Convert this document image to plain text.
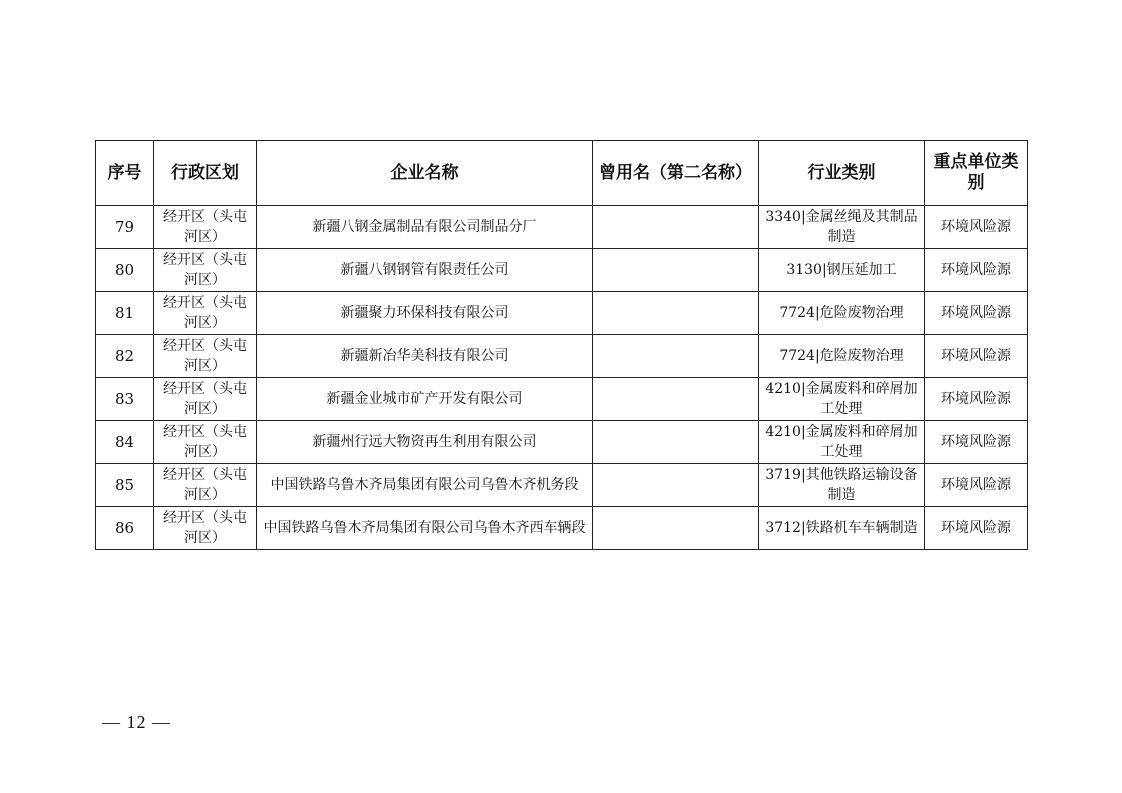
序号	行政区划	企业名称	曾用名（第二名称）	行业类别	重点单位类别
79	经开区（头屯河区）	新疆八钢金属制品有限公司制品分厂		3340|金属丝绳及其制品制造	环境风险源
80	经开区（头屯河区）	新疆八钢钢管有限责任公司		3130|钢压延加工	环境风险源
81	经开区（头屯河区）	新疆聚力环保科技有限公司		7724|危险废物治理	环境风险源
82	经开区（头屯河区）	新疆新冶华美科技有限公司		7724|危险废物治理	环境风险源
83	经开区（头屯河区）	新疆金业城市矿产开发有限公司		4210|金属废料和碎屑加工处理	环境风险源
84	经开区（头屯河区）	新疆州行远大物资再生利用有限公司		4210|金属废料和碎屑加工处理	环境风险源
85	经开区（头屯河区）	中国铁路乌鲁木齐局集团有限公司乌鲁木齐机务段		3719|其他铁路运输设备制造	环境风险源
86	经开区（头屯河区）	中国铁路乌鲁木齐局集团有限公司乌鲁木齐西车辆段		3712|铁路机车车辆制造	环境风险源
— 12 —
